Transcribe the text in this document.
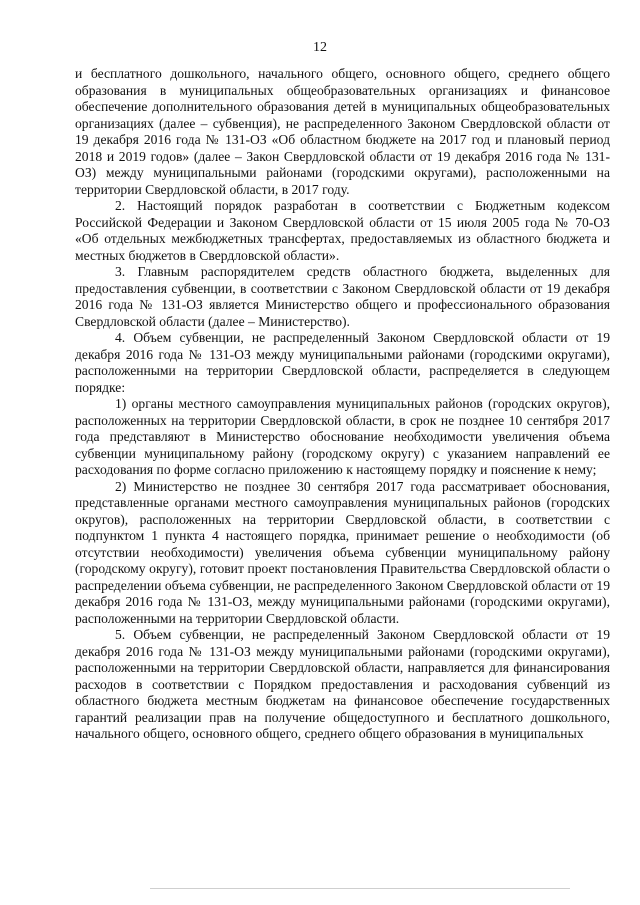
12

и бесплатного дошкольного, начального общего, основного общего, среднего общего образования в муниципальных общеобразовательных организациях и финансовое обеспечение дополнительного образования детей в муниципальных общеобразовательных организациях (далее – субвенция), не распределенного Законом Свердловской области от 19 декабря 2016 года № 131-ОЗ «Об областном бюджете на 2017 год и плановый период 2018 и 2019 годов» (далее – Закон Свердловской области от 19 декабря 2016 года № 131-ОЗ) между муниципальными районами (городскими округами), расположенными на территории Свердловской области, в 2017 году.

2. Настоящий порядок разработан в соответствии с Бюджетным кодексом Российской Федерации и Законом Свердловской области от 15 июля 2005 года № 70-ОЗ «Об отдельных межбюджетных трансфертах, предоставляемых из областного бюджета и местных бюджетов в Свердловской области».

3. Главным распорядителем средств областного бюджета, выделенных для предоставления субвенции, в соответствии с Законом Свердловской области от 19 декабря 2016 года № 131-ОЗ является Министерство общего и профессионального образования Свердловской области (далее – Министерство).

4. Объем субвенции, не распределенный Законом Свердловской области от 19 декабря 2016 года № 131-ОЗ между муниципальными районами (городскими округами), расположенными на территории Свердловской области, распределяется в следующем порядке:

1) органы местного самоуправления муниципальных районов (городских округов), расположенных на территории Свердловской области, в срок не позднее 10 сентября 2017 года представляют в Министерство обоснование необходимости увеличения объема субвенции муниципальному району (городскому округу) с указанием направлений ее расходования по форме согласно приложению к настоящему порядку и пояснение к нему;

2) Министерство не позднее 30 сентября 2017 года рассматривает обоснования, представленные органами местного самоуправления муниципальных районов (городских округов), расположенных на территории Свердловской области, в соответствии с подпунктом 1 пункта 4 настоящего порядка, принимает решение о необходимости (об отсутствии необходимости) увеличения объема субвенции муниципальному району (городскому округу), готовит проект постановления Правительства Свердловской области о распределении объема субвенции, не распределенного Законом Свердловской области от 19 декабря 2016 года № 131-ОЗ, между муниципальными районами (городскими округами), расположенными на территории Свердловской области.

5. Объем субвенции, не распределенный Законом Свердловской области от 19 декабря 2016 года № 131-ОЗ между муниципальными районами (городскими округами), расположенными на территории Свердловской области, направляется для финансирования расходов в соответствии с Порядком предоставления и расходования субвенций из областного бюджета местным бюджетам на финансовое обеспечение государственных гарантий реализации прав на получение общедоступного и бесплатного дошкольного, начального общего, основного общего, среднего общего образования в муниципальных
